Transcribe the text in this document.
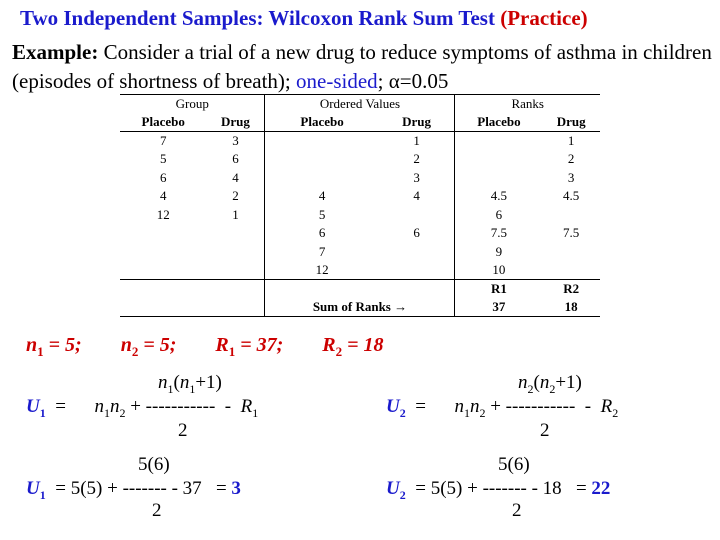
Two Independent Samples: Wilcoxon Rank Sum Test (Practice)
Example: Consider a trial of a new drug to reduce symptoms of asthma in children (episodes of shortness of breath); one-sided; α=0.05
Group		Ordered Values		Ranks	
Placebo	Drug	Placebo	Drug	Placebo	Drug
7	3		1		1
5	6		2		2
6	4		3		3
4	2	4	4	4.5	4.5
12	1	5		6	
		6	6	7.5	7.5
		7		9	
		12		10	
				R1	R2
		Sum of Ranks →		37	18
$n_1 = 5$; $n_2 = 5$; $R_1 = 37$; $R_2 = 18$
$n_1(n_1+1)$
$U_1$  =      $n_1n_2$ + -----------  -  $R_1$
2
$n_2(n_2+1)$
$U_2$  =      $n_1n_2$ + -----------  -  $R_2$
2
5(6)
$U_1 = 5(5)$ + ------- - 37 = 3
2
5(6)
$U_2 = 5(5)$ + ------- - 18 = 22
2
